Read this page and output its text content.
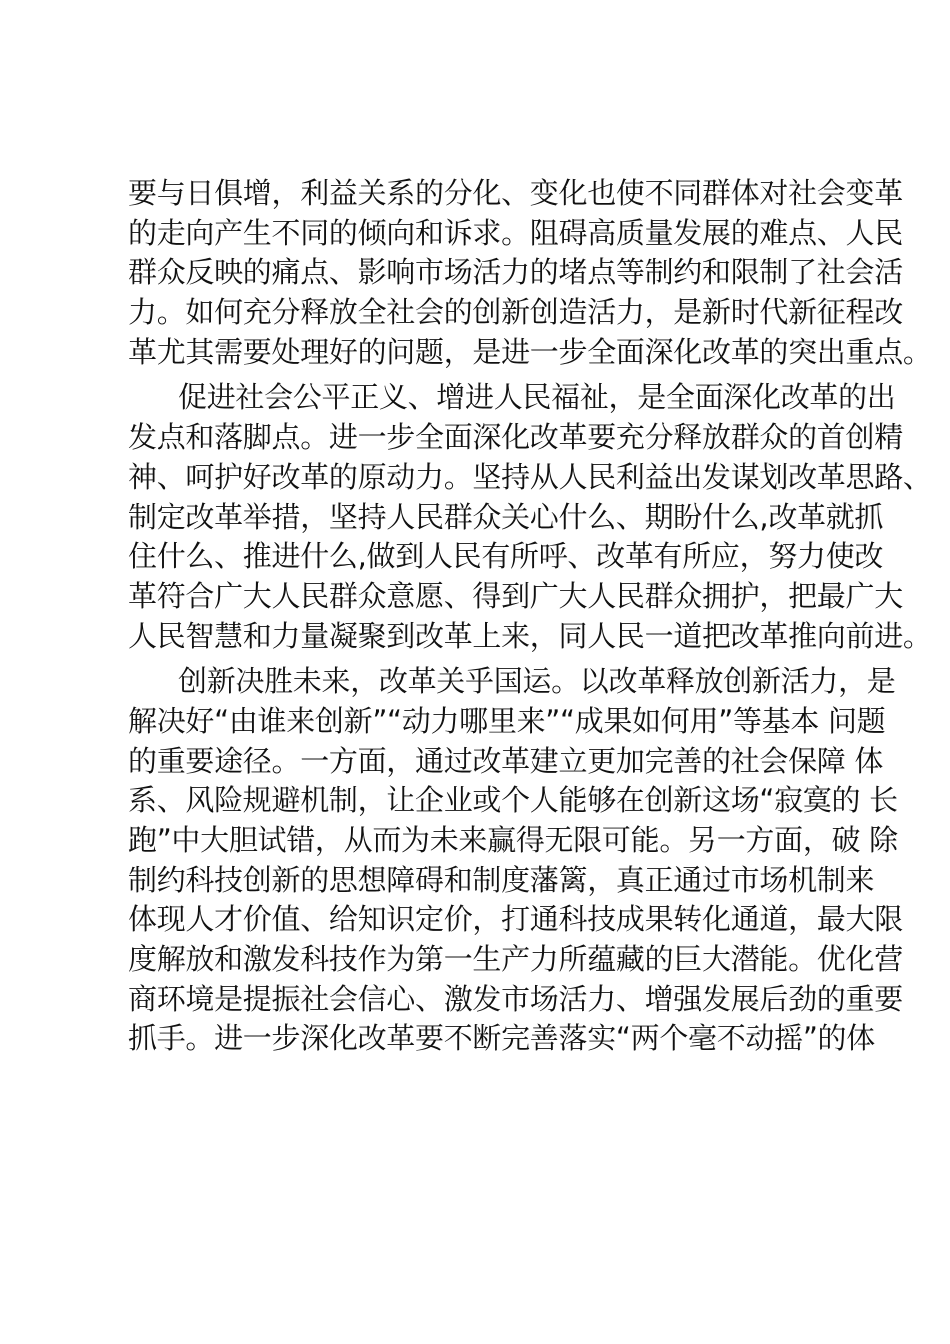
要与日俱增，利益关系的分化、变化也使不同群体对社会变革
的走向产生不同的倾向和诉求。阻碍高质量发展的难点、人民
群众反映的痛点、影响市场活力的堵点等制约和限制了社会活
力。如何充分释放全社会的创新创造活力，是新时代新征程改
革尤其需要处理好的问题，是进一步全面深化改革的突出重点。
促进社会公平正义、增进人民福祉，是全面深化改革的出
发点和落脚点。进一步全面深化改革要充分释放群众的首创精
神、呵护好改革的原动力。坚持从人民利益出发谋划改革思路、
制定改革举措，坚持人民群众关心什么、期盼什么,改革就抓
住什么、推进什么,做到人民有所呼、改革有所应，努力使改
革符合广大人民群众意愿、得到广大人民群众拥护，把最广大
人民智慧和力量凝聚到改革上来，同人民一道把改革推向前进。
创新决胜未来，改革关乎国运。以改革释放创新活力，是
解决好“由谁来创新”“动力哪里来”“成果如何用”等基本 问题
的重要途径。一方面，通过改革建立更加完善的社会保障 体
系、风险规避机制，让企业或个人能够在创新这场“寂寞的 长
跑”中大胆试错，从而为未来赢得无限可能。另一方面，破 除
制约科技创新的思想障碍和制度藩篱，真正通过市场机制来
体现人才价值、给知识定价，打通科技成果转化通道，最大限
度解放和激发科技作为第一生产力所蕴藏的巨大潜能。优化营
商环境是提振社会信心、激发市场活力、增强发展后劲的重要
抓手。进一步深化改革要不断完善落实“两个毫不动摇”的体
